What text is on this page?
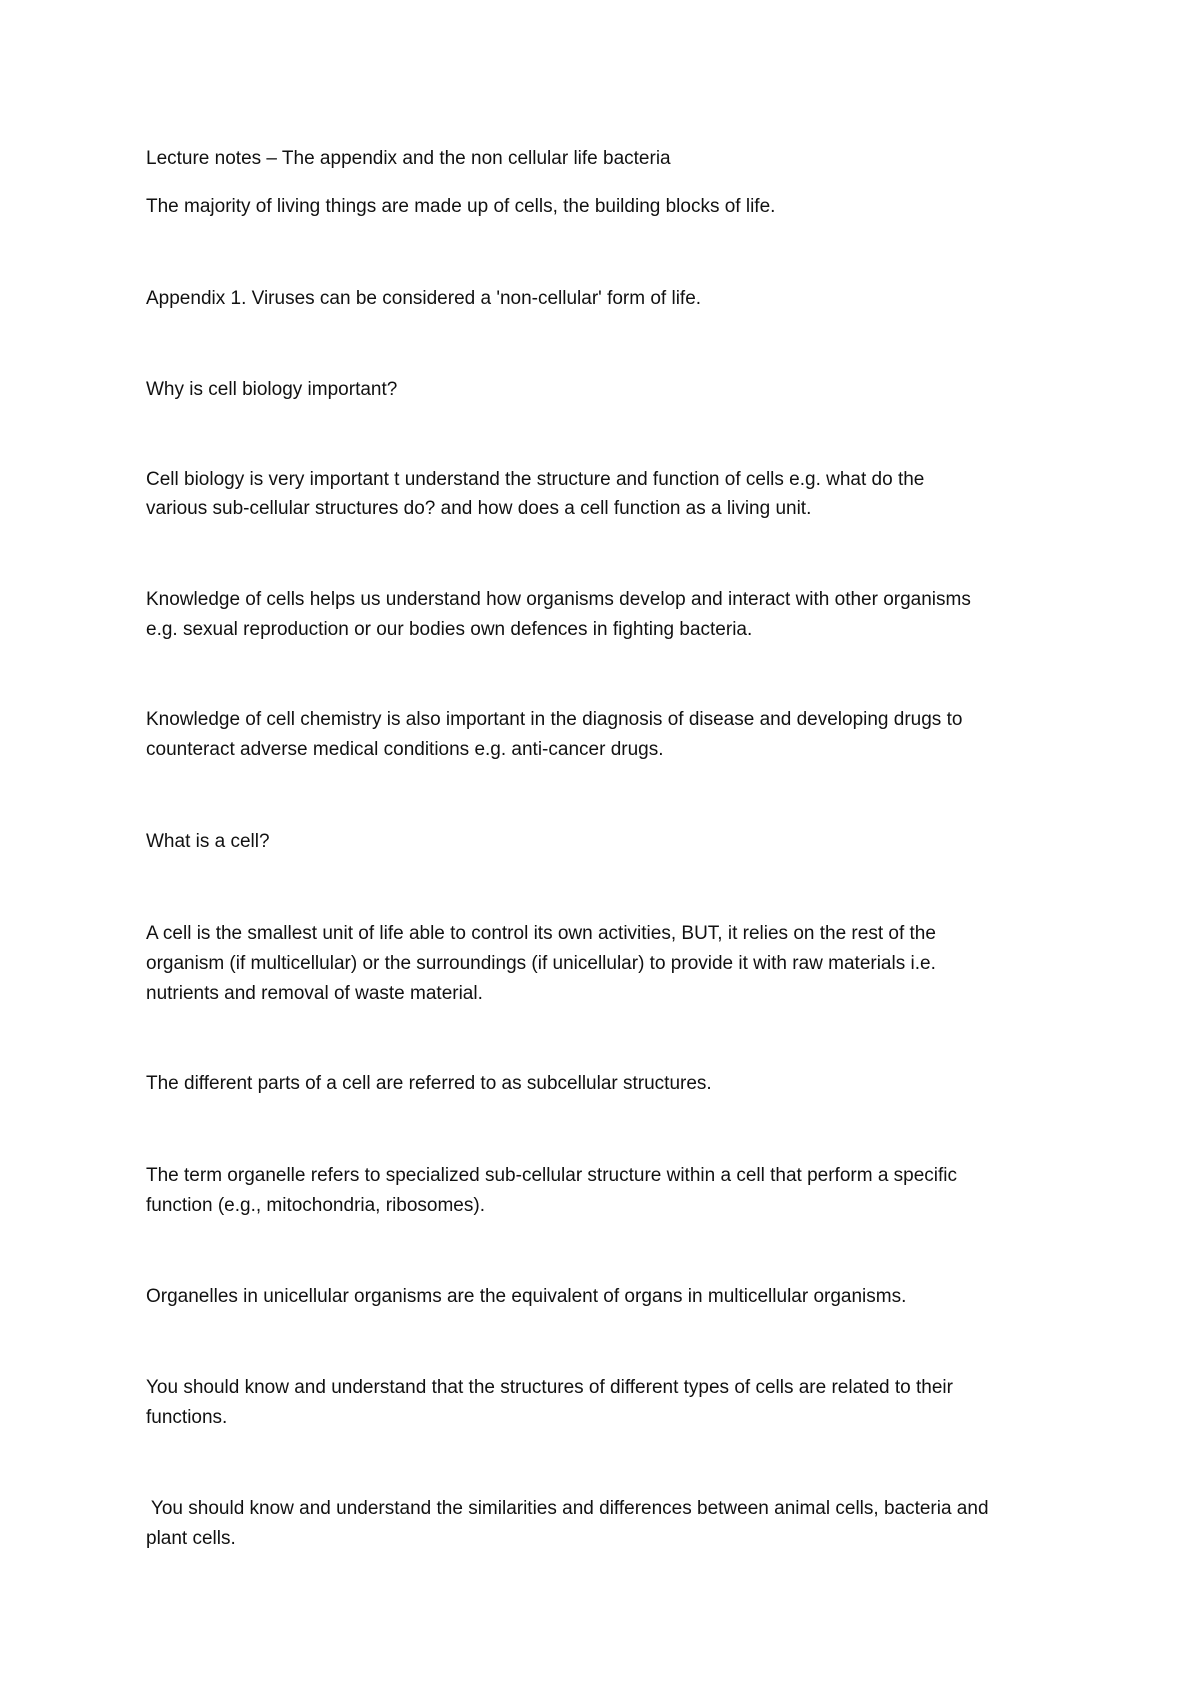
Lecture notes – The appendix and the non cellular life bacteria

The majority of living things are made up of cells, the building blocks of life.

Appendix 1. Viruses can be considered a 'non-cellular' form of life.

Why is cell biology important?

Cell biology is very important t understand the structure and function of cells e.g. what do the

various sub-cellular structures do? and how does a cell function as a living unit.

Knowledge of cells helps us understand how organisms develop and interact with other organisms

e.g. sexual reproduction or our bodies own defences in fighting bacteria.

Knowledge of cell chemistry is also important in the diagnosis of disease and developing drugs to

counteract adverse medical conditions e.g. anti-cancer drugs.

What is a cell?

A cell is the smallest unit of life able to control its own activities, BUT, it relies on the rest of the

organism (if multicellular) or the surroundings (if unicellular) to provide it with raw materials i.e.

nutrients and removal of waste material.

The different parts of a cell are referred to as subcellular structures.

The term organelle refers to specialized sub-cellular structure within a cell that perform a specific

function (e.g., mitochondria, ribosomes).

Organelles in unicellular organisms are the equivalent of organs in multicellular organisms.

You should know and understand that the structures of different types of cells are related to their

functions.

You should know and understand the similarities and differences between animal cells, bacteria and

plant cells.
